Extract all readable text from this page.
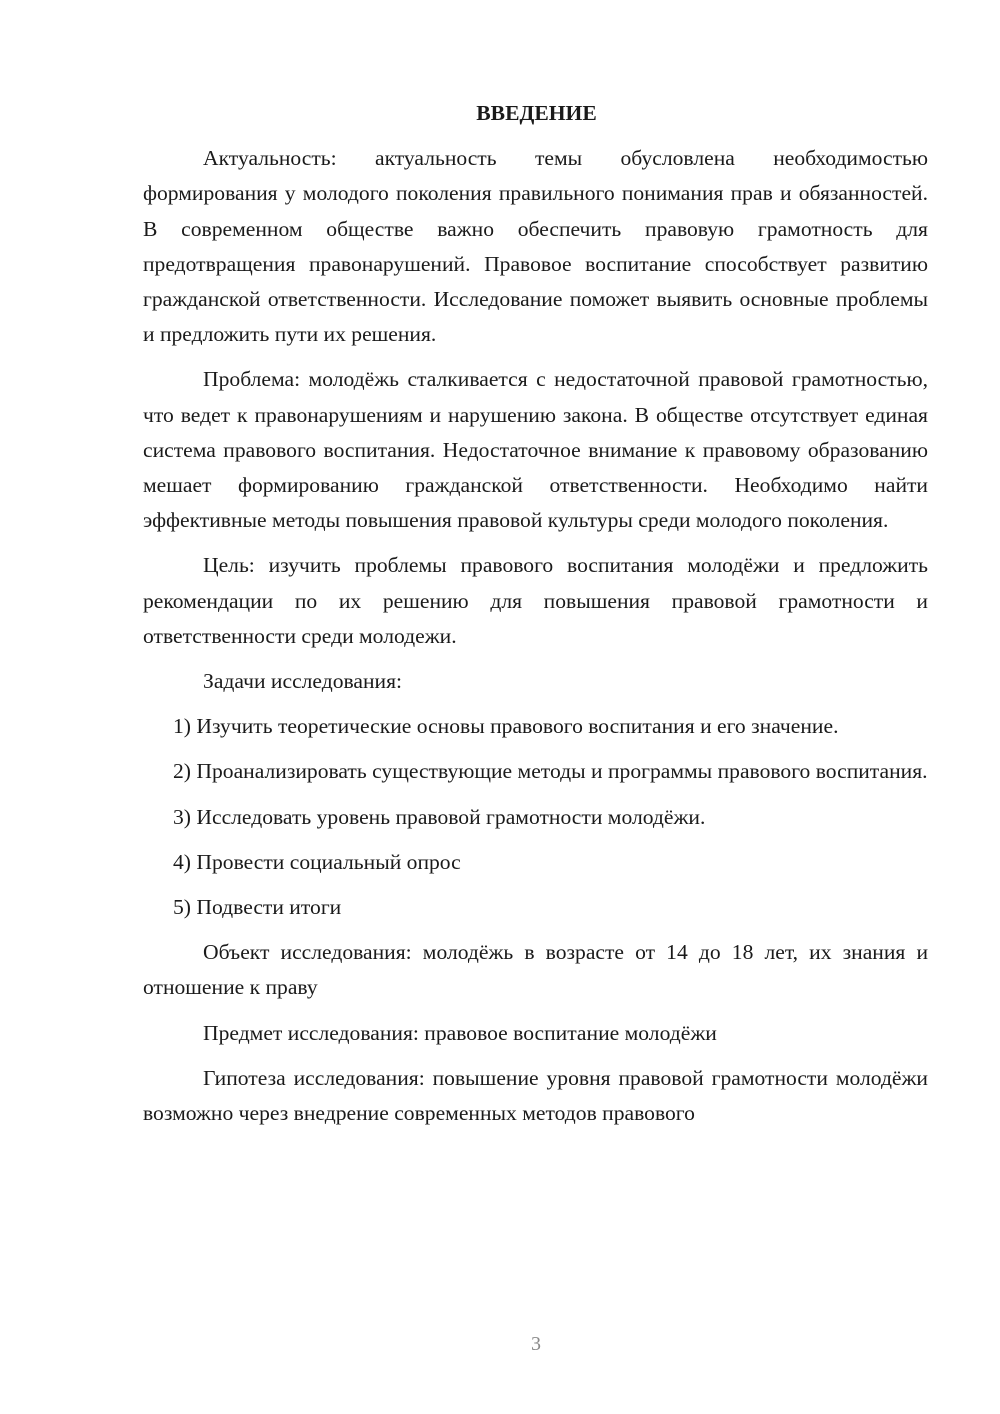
ВВЕДЕНИЕ

Актуальность: актуальность темы обусловлена необходимостью формирования у молодого поколения правильного понимания прав и обязанностей. В современном обществе важно обеспечить правовую грамотность для предотвращения правонарушений. Правовое воспитание способствует развитию гражданской ответственности. Исследование поможет выявить основные проблемы и предложить пути их решения.

Проблема: молодёжь сталкивается с недостаточной правовой грамотностью, что ведет к правонарушениям и нарушению закона. В обществе отсутствует единая система правового воспитания. Недостаточное внимание к правовому образованию мешает формированию гражданской ответственности. Необходимо найти эффективные методы повышения правовой культуры среди молодого поколения.

Цель: изучить проблемы правового воспитания молодёжи и предложить рекомендации по их решению для повышения правовой грамотности и ответственности среди молодежи.

Задачи исследования:

1) Изучить теоретические основы правового воспитания и его значение.

2) Проанализировать существующие методы и программы правового воспитания.

3) Исследовать уровень правовой грамотности молодёжи.

4) Провести социальный опрос

5) Подвести итоги

Объект исследования: молодёжь в возрасте от 14 до 18 лет, их знания и отношение к праву

Предмет исследования: правовое воспитание молодёжи

Гипотеза исследования: повышение уровня правовой грамотности молодёжи возможно через внедрение современных методов правового

3
